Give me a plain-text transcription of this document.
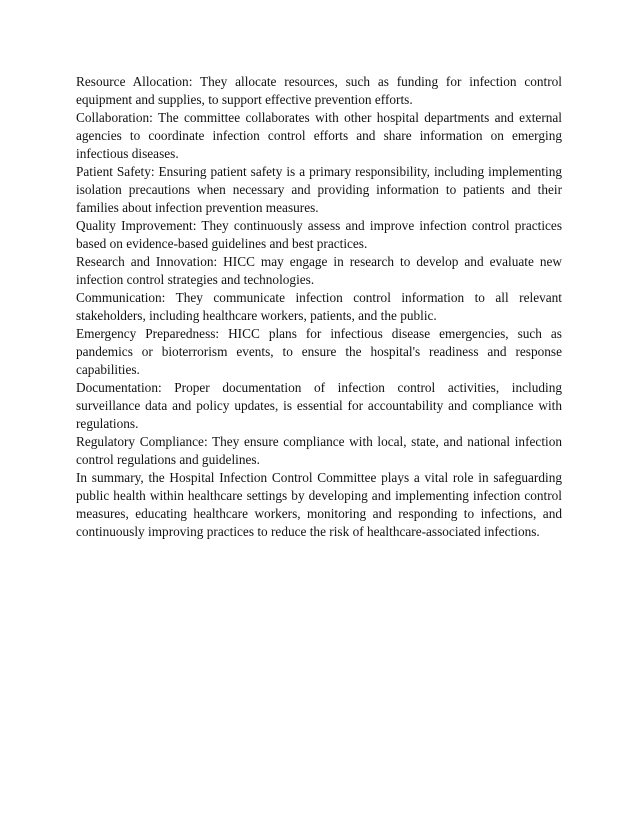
Resource Allocation: They allocate resources, such as funding for infection control equipment and supplies, to support effective prevention efforts.

Collaboration: The committee collaborates with other hospital departments and external agencies to coordinate infection control efforts and share information on emerging infectious diseases.

Patient Safety: Ensuring patient safety is a primary responsibility, including implementing isolation precautions when necessary and providing information to patients and their families about infection prevention measures.

Quality Improvement: They continuously assess and improve infection control practices based on evidence-based guidelines and best practices.

Research and Innovation: HICC may engage in research to develop and evaluate new infection control strategies and technologies.

Communication: They communicate infection control information to all relevant stakeholders, including healthcare workers, patients, and the public.

Emergency Preparedness: HICC plans for infectious disease emergencies, such as pandemics or bioterrorism events, to ensure the hospital's readiness and response capabilities.

Documentation: Proper documentation of infection control activities, including surveillance data and policy updates, is essential for accountability and compliance with regulations.

Regulatory Compliance: They ensure compliance with local, state, and national infection control regulations and guidelines.

In summary, the Hospital Infection Control Committee plays a vital role in safeguarding public health within healthcare settings by developing and implementing infection control measures, educating healthcare workers, monitoring and responding to infections, and continuously improving practices to reduce the risk of healthcare-associated infections.
